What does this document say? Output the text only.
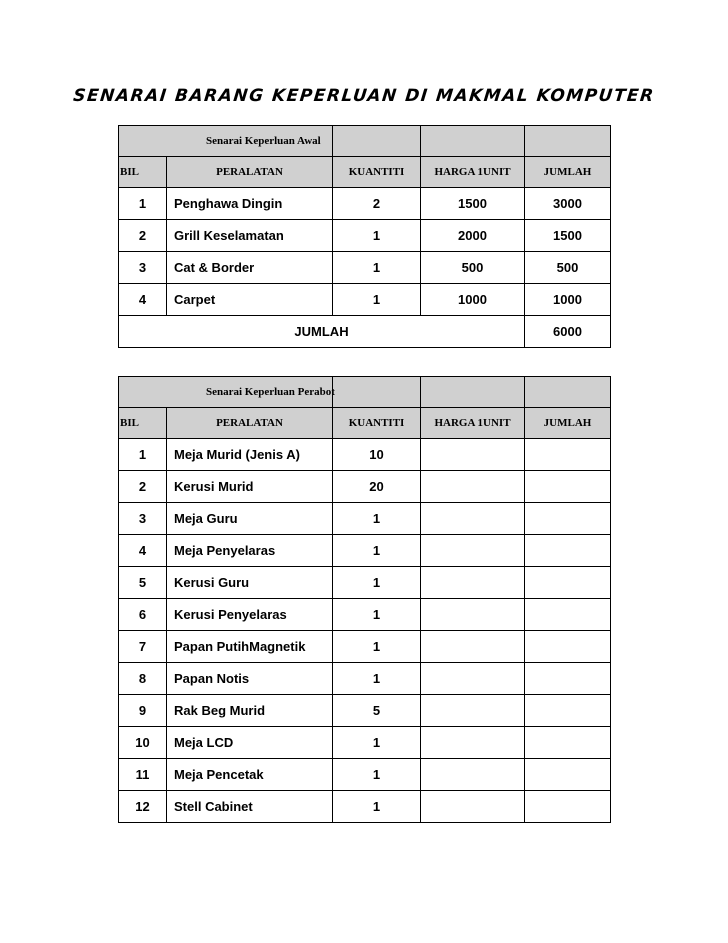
SENARAI BARANG KEPERLUAN DI MAKMAL KOMPUTER
Senarai Keperluan Awal				
BIL	PERALATAN	KUANTITI	HARGA 1UNIT	JUMLAH
1	Penghawa Dingin	2	1500	3000
2	Grill Keselamatan	1	2000	1500
3	Cat & Border	1	500	500
4	Carpet	1	1000	1000
JUMLAH				6000
Senarai Keperluan Perabot				
BIL	PERALATAN	KUANTITI	HARGA 1UNIT	JUMLAH
1	Meja Murid (Jenis A)	10		
2	Kerusi Murid	20		
3	Meja Guru	1		
4	Meja Penyelaras	1		
5	Kerusi Guru	1		
6	Kerusi Penyelaras	1		
7	Papan PutihMagnetik	1		
8	Papan Notis	1		
9	Rak Beg Murid	5		
10	Meja LCD	1		
11	Meja Pencetak	1		
12	Stell Cabinet	1		
